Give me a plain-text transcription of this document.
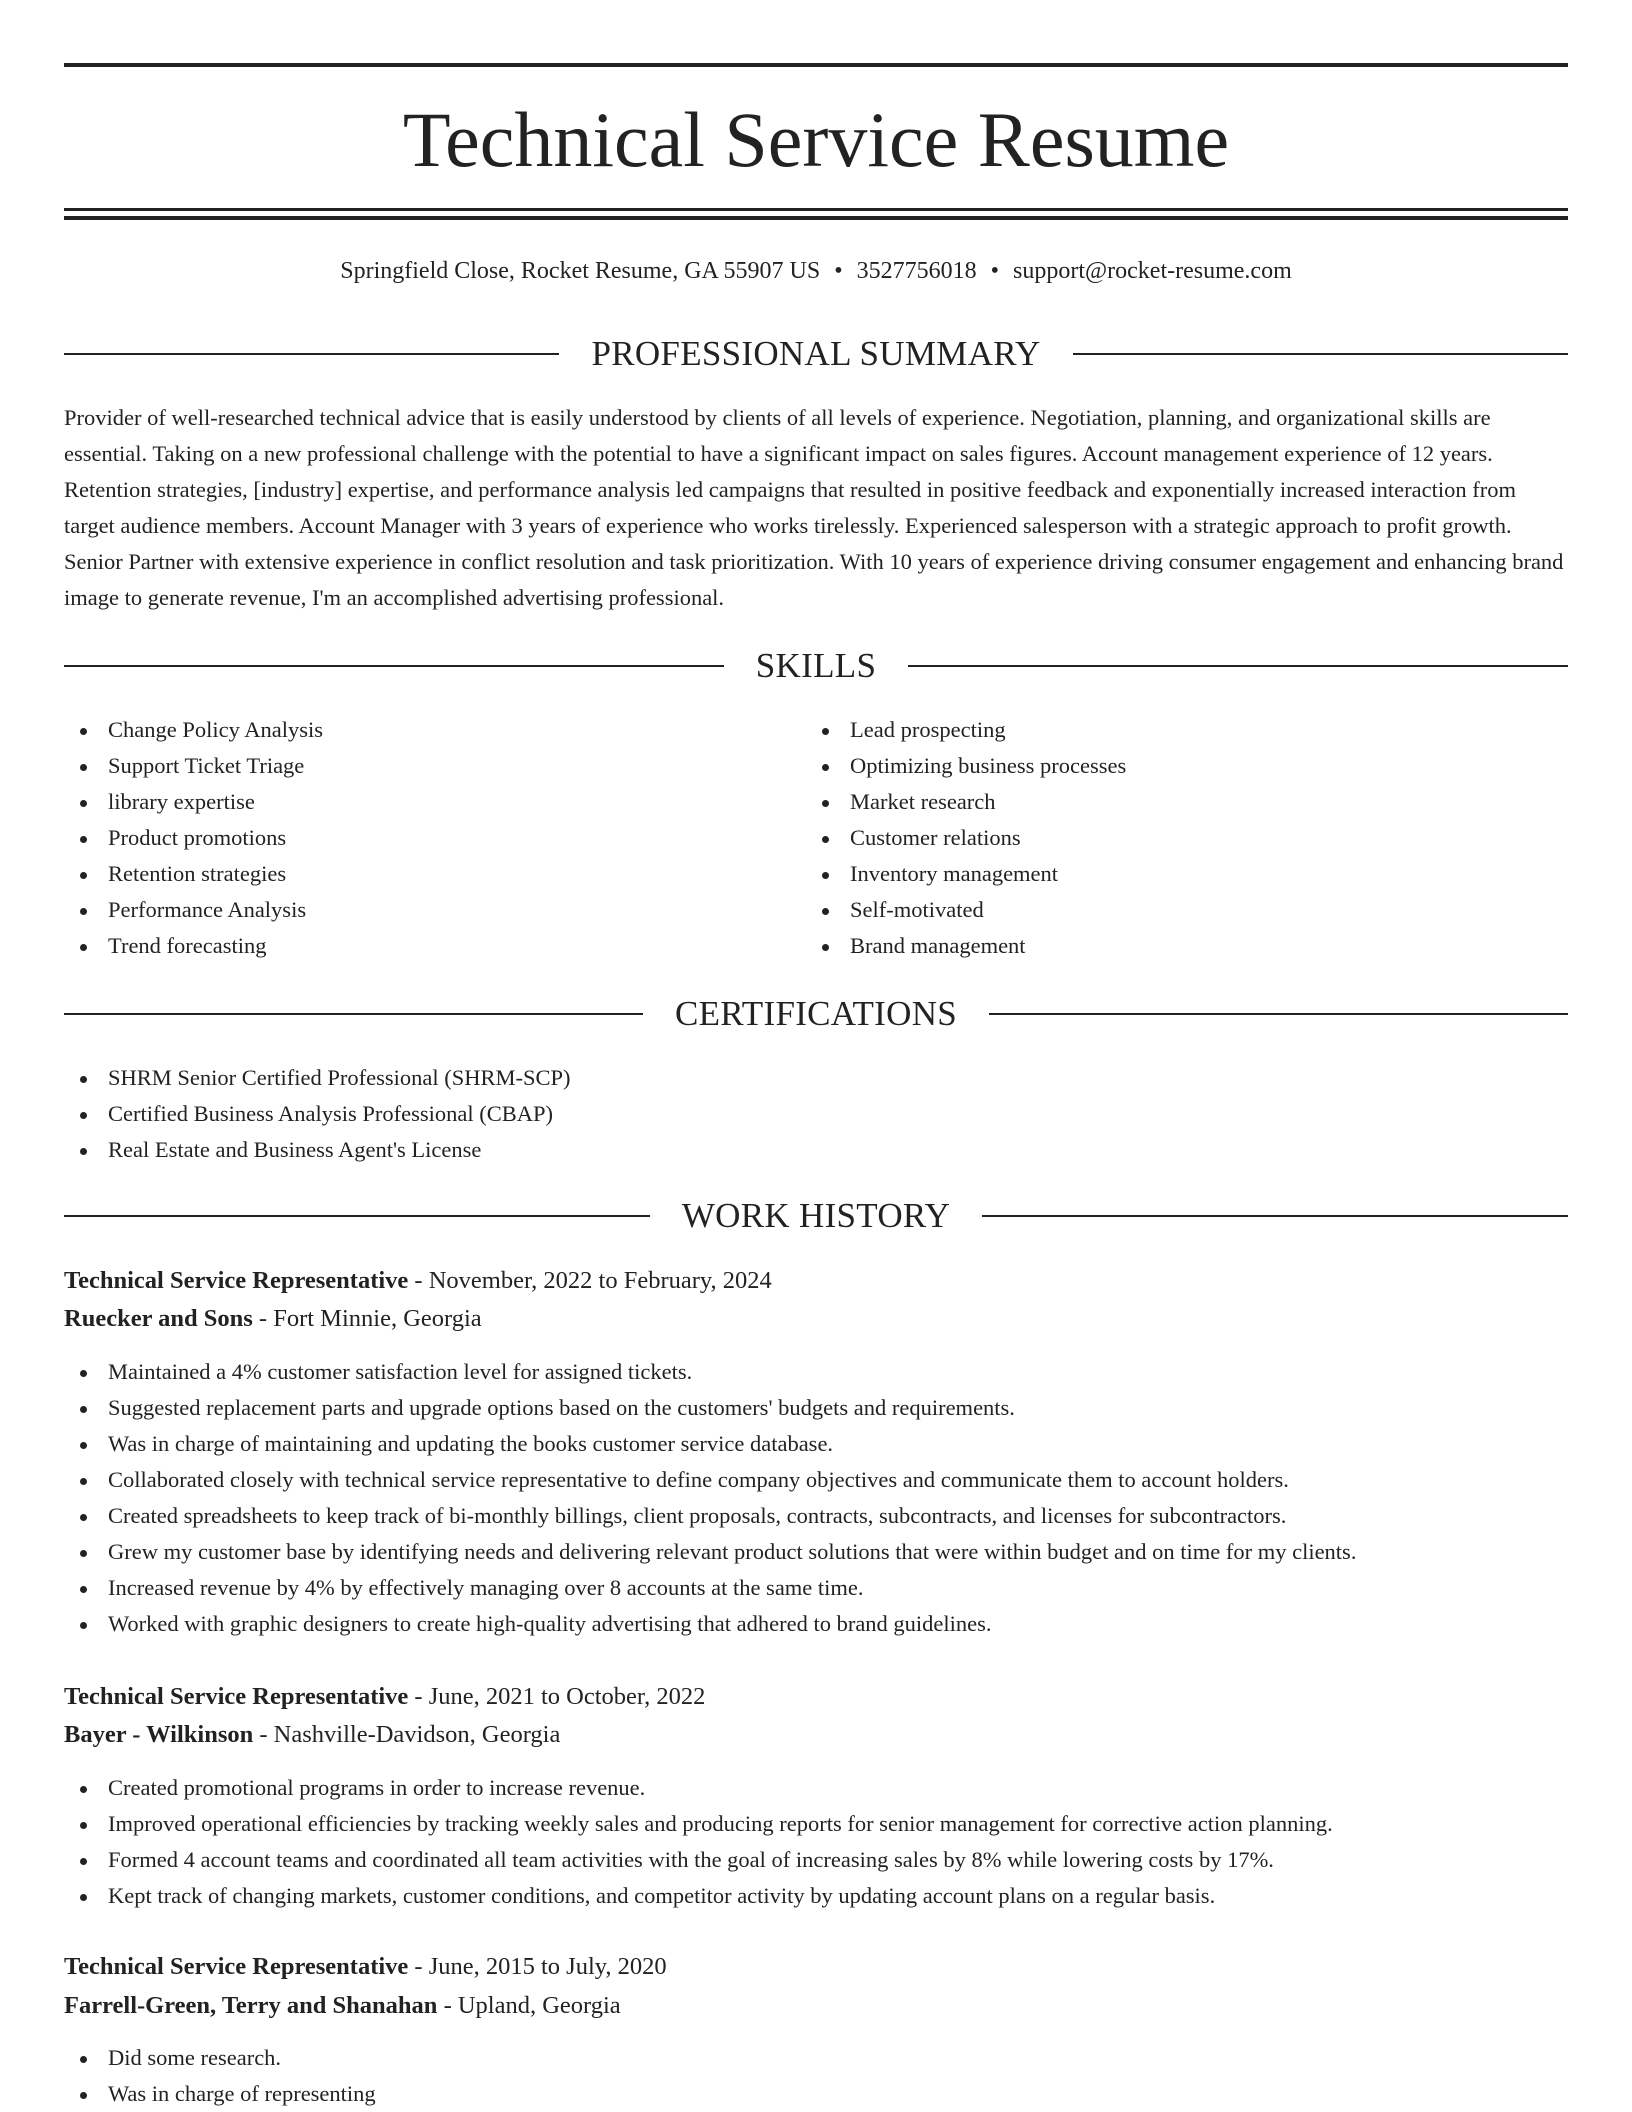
Technical Service Resume
Springfield Close, Rocket Resume, GA 55907 US • 3527756018 • support@rocket-resume.com
PROFESSIONAL SUMMARY

Provider of well-researched technical advice that is easily understood by clients of all levels of experience. Negotiation, planning, and organizational skills are essential. Taking on a new professional challenge with the potential to have a significant impact on sales figures. Account management experience of 12 years. Retention strategies, [industry] expertise, and performance analysis led campaigns that resulted in positive feedback and exponentially increased interaction from target audience members. Account Manager with 3 years of experience who works tirelessly. Experienced salesperson with a strategic approach to profit growth. Senior Partner with extensive experience in conflict resolution and task prioritization. With 10 years of experience driving consumer engagement and enhancing brand image to generate revenue, I'm an accomplished advertising professional.

SKILLS
Change Policy Analysis
Support Ticket Triage
library expertise
Product promotions
Retention strategies
Performance Analysis
Trend forecasting
Lead prospecting
Optimizing business processes
Market research
Customer relations
Inventory management
Self-motivated
Brand management
CERTIFICATIONS
SHRM Senior Certified Professional (SHRM-SCP)
Certified Business Analysis Professional (CBAP)
Real Estate and Business Agent's License
WORK HISTORY
Technical Service Representative - November, 2022 to February, 2024
Ruecker and Sons - Fort Minnie, Georgia
Maintained a 4% customer satisfaction level for assigned tickets.
Suggested replacement parts and upgrade options based on the customers' budgets and requirements.
Was in charge of maintaining and updating the books customer service database.
Collaborated closely with technical service representative to define company objectives and communicate them to account holders.
Created spreadsheets to keep track of bi-monthly billings, client proposals, contracts, subcontracts, and licenses for subcontractors.
Grew my customer base by identifying needs and delivering relevant product solutions that were within budget and on time for my clients.
Increased revenue by 4% by effectively managing over 8 accounts at the same time.
Worked with graphic designers to create high-quality advertising that adhered to brand guidelines.
Technical Service Representative - June, 2021 to October, 2022
Bayer - Wilkinson - Nashville-Davidson, Georgia
Created promotional programs in order to increase revenue.
Improved operational efficiencies by tracking weekly sales and producing reports for senior management for corrective action planning.
Formed 4 account teams and coordinated all team activities with the goal of increasing sales by 8% while lowering costs by 17%.
Kept track of changing markets, customer conditions, and competitor activity by updating account plans on a regular basis.
Technical Service Representative - June, 2015 to July, 2020
Farrell-Green, Terry and Shanahan - Upland, Georgia
Did some research.
Was in charge of representing
